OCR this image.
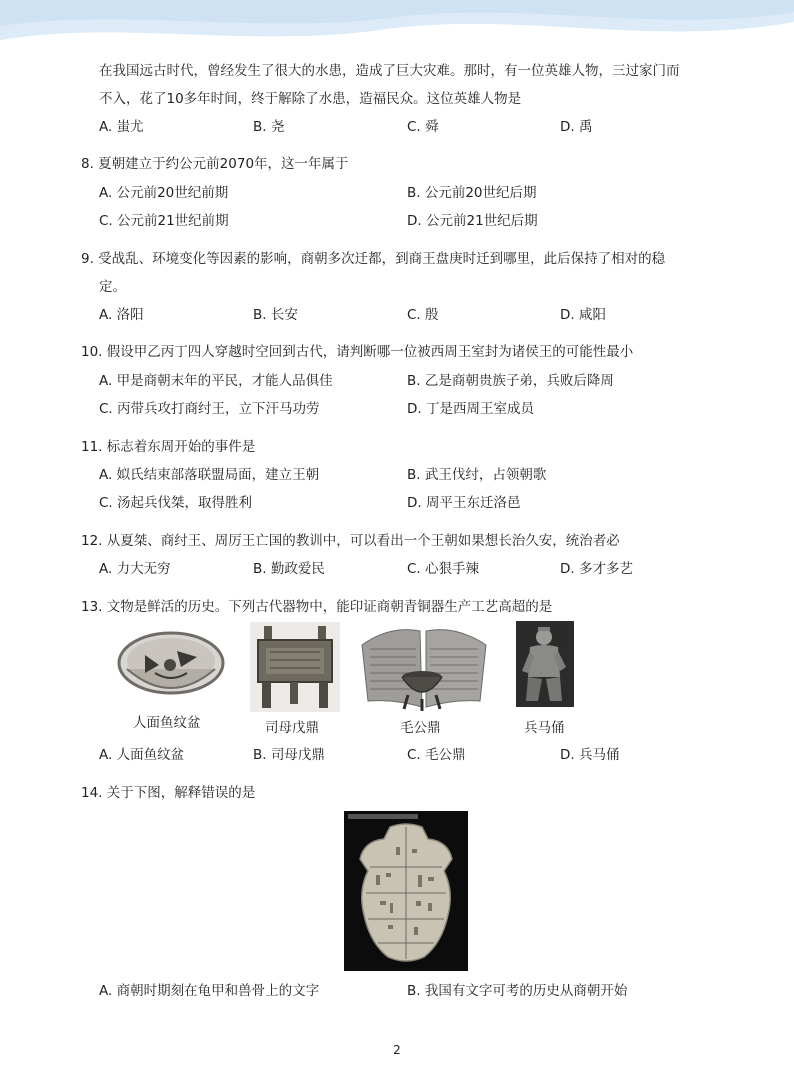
在我国远古时代，曾经发生了很大的水患，造成了巨大灾难。那时，有一位英雄人物，三过家门而
不入，花了10多年时间，终于解除了水患，造福民众。这位英雄人物是
A. 蚩尤	B. 尧	C. 舜	D. 禹
8. 夏朝建立于约公元前2070年，这一年属于
A. 公元前20世纪前期	B. 公元前20世纪后期
C. 公元前21世纪前期	D. 公元前21世纪后期
9. 受战乱、环境变化等因素的影响，商朝多次迁都，到商王盘庚时迁到哪里，此后保持了相对的稳
定。
A. 洛阳	B. 长安	C. 殷	D. 咸阳
10. 假设甲乙丙丁四人穿越时空回到古代，请判断哪一位被西周王室封为诸侯王的可能性最小
A. 甲是商朝末年的平民，才能人品俱佳	B. 乙是商朝贵族子弟，兵败后降周
C. 丙带兵攻打商纣王，立下汗马功劳	D. 丁是西周王室成员
11. 标志着东周开始的事件是
A. 姒氏结束部落联盟局面，建立王朝	B. 武王伐纣，占领朝歌
C. 汤起兵伐桀，取得胜利	D. 周平王东迁洛邑
12. 从夏桀、商纣王、周厉王亡国的教训中，可以看出一个王朝如果想长治久安，统治者必
A. 力大无穷	B. 勤政爱民	C. 心狠手辣	D. 多才多艺
13. 文物是鲜活的历史。下列古代器物中，能印证商朝青铜器生产工艺高超的是
人面鱼纹盆	司母戊鼎	毛公鼎	兵马俑
A. 人面鱼纹盆	B. 司母戊鼎	C. 毛公鼎	D. 兵马俑
14. 关于下图，解释错误的是
A. 商朝时期刻在龟甲和兽骨上的文字	B. 我国有文字可考的历史从商朝开始
2
